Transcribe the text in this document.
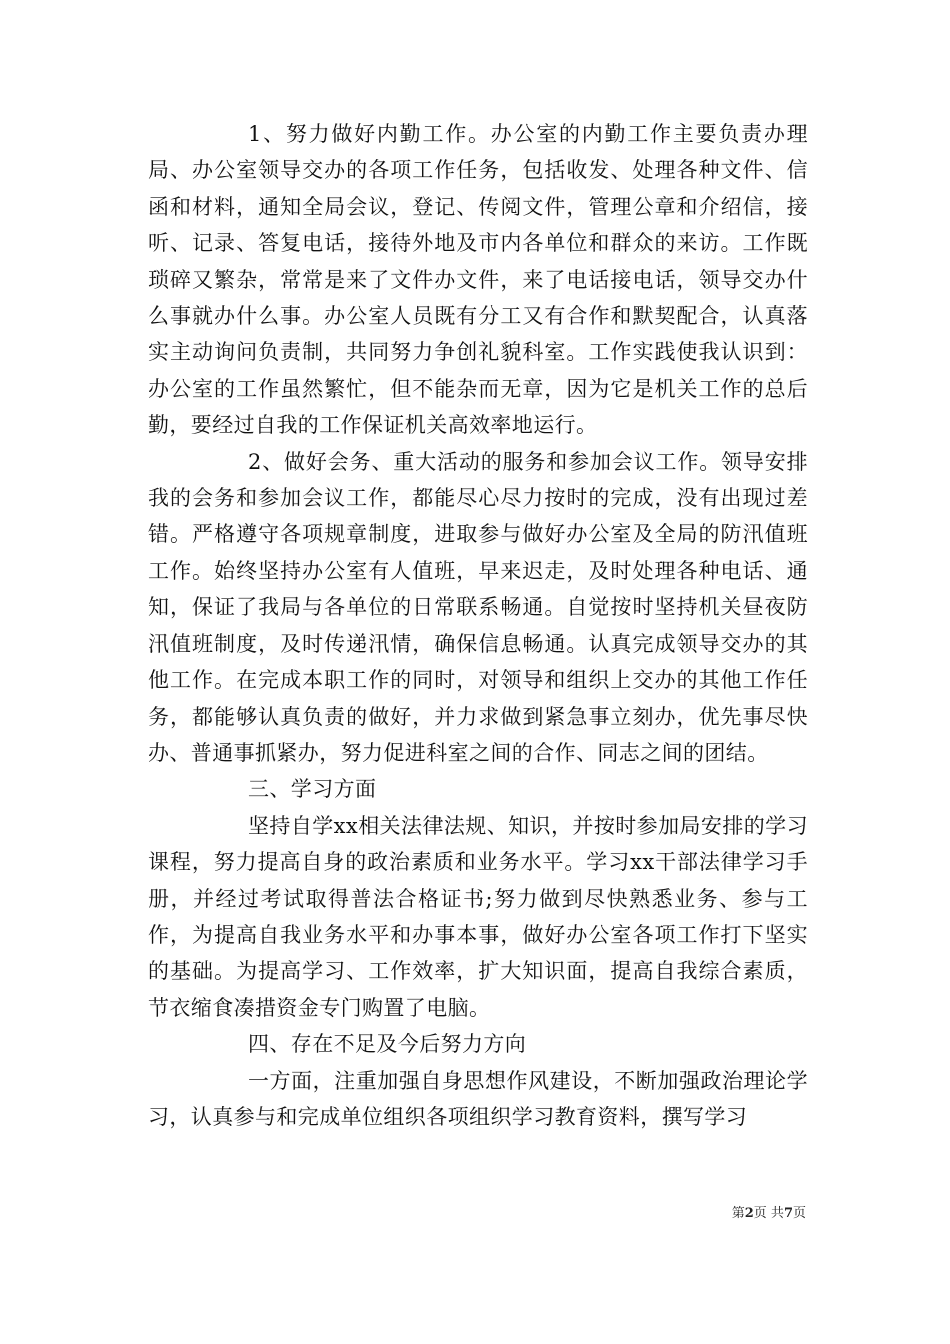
1、努力做好内勤工作。办公室的内勤工作主要负责办理局、办公室领导交办的各项工作任务，包括收发、处理各种文件、信函和材料，通知全局会议，登记、传阅文件，管理公章和介绍信，接听、记录、答复电话，接待外地及市内各单位和群众的来访。工作既琐碎又繁杂，常常是来了文件办文件，来了电话接电话，领导交办什么事就办什么事。办公室人员既有分工又有合作和默契配合，认真落实主动询问负责制，共同努力争创礼貌科室。工作实践使我认识到：办公室的工作虽然繁忙，但不能杂而无章，因为它是机关工作的总后勤，要经过自我的工作保证机关高效率地运行。

2、做好会务、重大活动的服务和参加会议工作。领导安排我的会务和参加会议工作，都能尽心尽力按时的完成，没有出现过差错。严格遵守各项规章制度，进取参与做好办公室及全局的防汛值班工作。始终坚持办公室有人值班，早来迟走，及时处理各种电话、通知，保证了我局与各单位的日常联系畅通。自觉按时坚持机关昼夜防汛值班制度，及时传递汛情，确保信息畅通。认真完成领导交办的其他工作。在完成本职工作的同时，对领导和组织上交办的其他工作任务，都能够认真负责的做好，并力求做到紧急事立刻办，优先事尽快办、普通事抓紧办，努力促进科室之间的合作、同志之间的团结。

三、学习方面

坚持自学xx相关法律法规、知识，并按时参加局安排的学习课程，努力提高自身的政治素质和业务水平。学习xx干部法律学习手册，并经过考试取得普法合格证书;努力做到尽快熟悉业务、参与工作，为提高自我业务水平和办事本事，做好办公室各项工作打下坚实的基础。为提高学习、工作效率，扩大知识面，提高自我综合素质，节衣缩食凑措资金专门购置了电脑。

四、存在不足及今后努力方向

一方面，注重加强自身思想作风建设，不断加强政治理论学习，认真参与和完成单位组织各项组织学习教育资料，撰写学习

第2页 共7页
